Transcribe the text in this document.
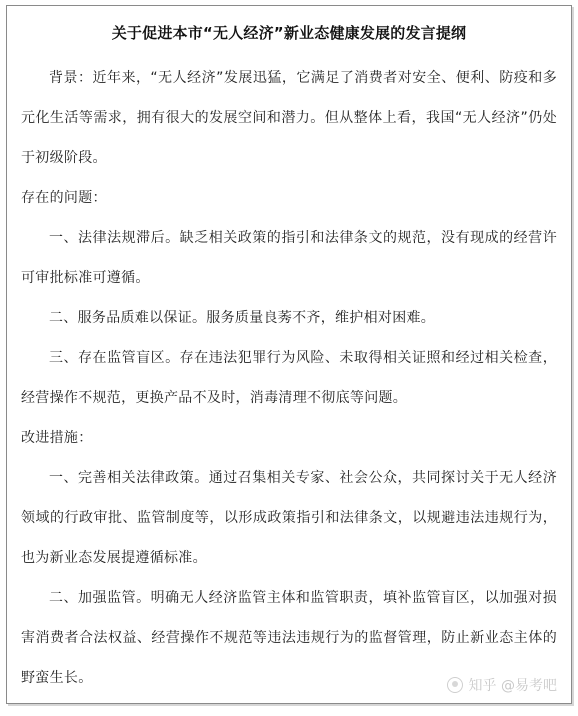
关于促进本市“无人经济”新业态健康发展的发言提纲

背景：近年来，“无人经济”发展迅猛，它满足了消费者对安全、便利、防疫和多元化生活等需求，拥有很大的发展空间和潜力。但从整体上看，我国“无人经济”仍处于初级阶段。

存在的问题：

一、法律法规滞后。缺乏相关政策的指引和法律条文的规范，没有现成的经营许可审批标准可遵循。

二、服务品质难以保证。服务质量良莠不齐，维护相对困难。

三、存在监管盲区。存在违法犯罪行为风险、未取得相关证照和经过相关检查，经营操作不规范，更换产品不及时，消毒清理不彻底等问题。

改进措施：

一、完善相关法律政策。通过召集相关专家、社会公众，共同探讨关于无人经济领域的行政审批、监管制度等，以形成政策指引和法律条文，以规避违法违规行为，也为新业态发展提遵循标准。

二、加强监管。明确无人经济监管主体和监管职责，填补监管盲区，以加强对损害消费者合法权益、经营操作不规范等违法违规行为的监督管理，防止新业态主体的野蛮生长。	知乎 @易考吧
